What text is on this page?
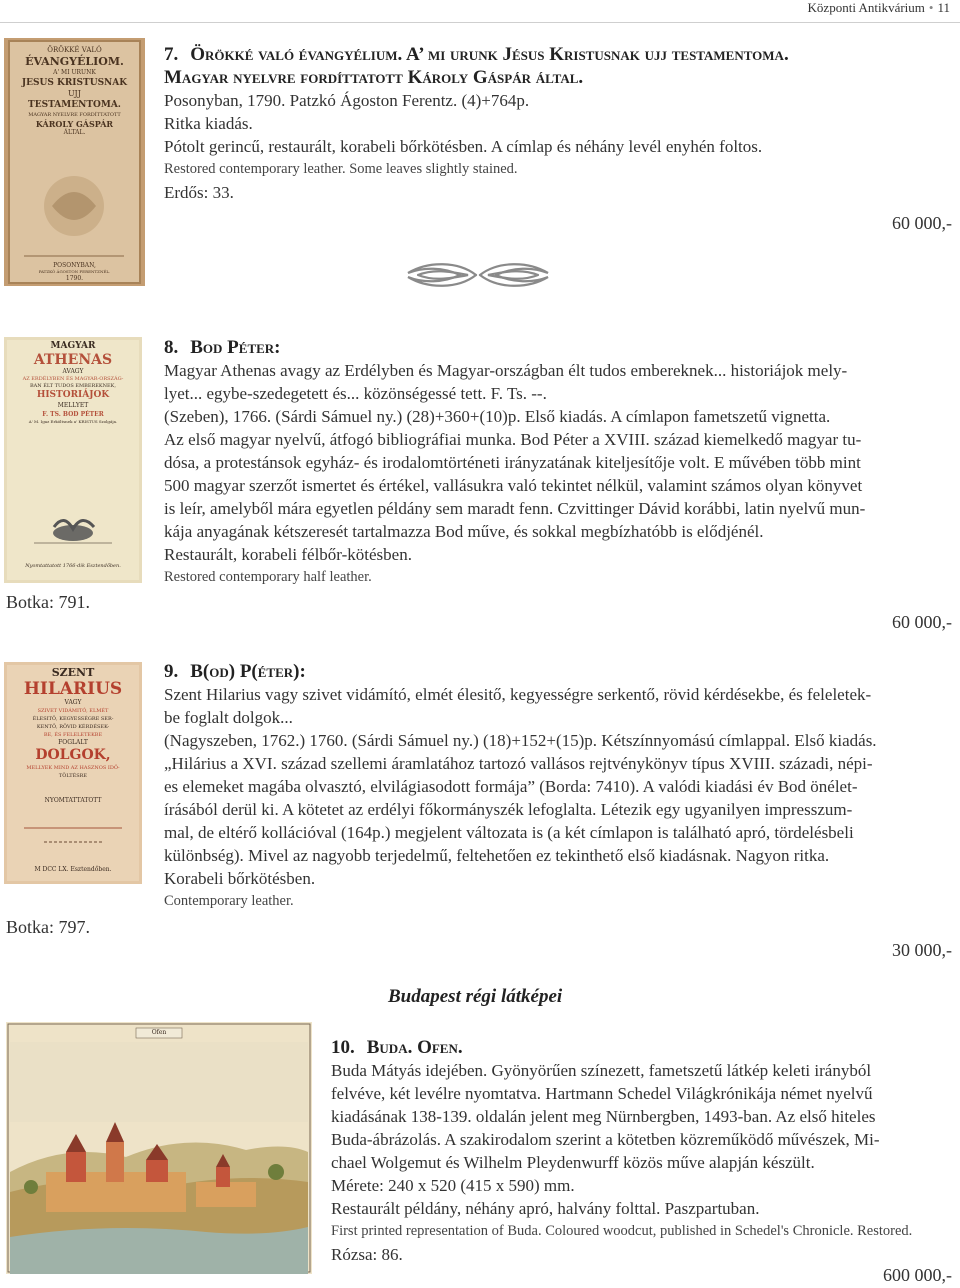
Központi Antikvárium • 11
ÖRÖKKÉ VALÓ
ÉVANGYÉLIOM.
A' MI URUNK
JESUS KRISTUSNAK
UJJ
TESTAMENTOMA.
MAGYAR NYELVRE FORDÍTTATOTT
KÁROLY GÁSPÁR
ÁLTAL.
POSONYBAN,
PATZKÓ ÁGOSTON FERENTZNÉL.
1790.
7. Örökké való évangyélium. A’ mi urunk Jésus Kristusnak ujj testamentoma.
Magyar nyelvre fordíttatott Károly Gáspár által.
Posonyban, 1790. Patzkó Ágoston Ferentz. (4)+764p.
Ritka kiadás.
Pótolt gerincű, restaurált, korabeli bőrkötésben. A címlap és néhány levél enyhén foltos.
Restored contemporary leather. Some leaves slightly stained.
Erdős: 33.
60 000,-
MAGYAR
ATHENAS
AVAGY
AZ ERDÉLYBEN ÉS MAGYAR-ORSZÁG-
BAN ÉLT TUDOS EMBEREKNEK,
HISTORIÁJOK
MELLYET
F. TS. BOD PÉTER
A' M. Igaz Erköltsnek a' KRISTUS Szolgája.
Nyomtattatott 1766-dik Esztendőben.
Botka: 791.
8. Bod Péter:
Magyar Athenas avagy az Erdélyben és Magyar-országban élt tudos embereknek... historiájok mely-
lyet... egybe-szedegetett és... közönségessé tett. F. Ts. --.
(Szeben), 1766. (Sárdi Sámuel ny.) (28)+360+(10)p. Első kiadás. A címlapon fametszetű vignetta.
Az első magyar nyelvű, átfogó bibliográfiai munka. Bod Péter a XVIII. század kiemelkedő magyar tu-
dósa, a protestánsok egyház- és irodalomtörténeti irányzatának kiteljesítője volt. E művében több mint
500 magyar szerzőt ismertet és értékel, vallásukra való tekintet nélkül, valamint számos olyan könyvet
is leír, amelyből mára egyetlen példány sem maradt fenn. Czvittinger Dávid korábbi, latin nyelvű mun-
kája anyagának kétszeresét tartalmazza Bod műve, és sokkal megbízhatóbb is elődjénél.
Restaurált, korabeli félbőr-kötésben.
Restored contemporary half leather.
60 000,-
SZENT
HILARIUS
VAGY
SZIVET VIDÁMITÓ, ELMÉT
ÉLESITŐ, KEGYESSÉGRE SER-
KENTŐ, RÖVID KÉRDÉSEK-
BE, ÉS FELELETEKBE
FOGLALT
DOLGOK,
MELLYEK MIND AZ HASZNOS IDŐ-
TÖLTÉSRE
NYOMTATTATOTT
M DCC LX. Esztendőben.
Botka: 797.
9. B(od) P(éter):
Szent Hilarius vagy szivet vidámító, elmét élesitő, kegyességre serkentő, rövid kérdésekbe, és feleletek-
be foglalt dolgok...
(Nagyszeben, 1762.) 1760. (Sárdi Sámuel ny.) (18)+152+(15)p. Kétszínnyomású címlappal. Első kiadás.
„Hilárius a XVI. század szellemi áramlatához tartozó vallásos rejtvénykönyv típus XVIII. századi, népi-
es elemeket magába olvasztó, elvilágiasodott formája” (Borda: 7410). A valódi kiadási év Bod önélet-
írásából derül ki. A kötetet az erdélyi főkormányszék lefoglalta. Létezik egy ugyanilyen impresszum-
mal, de eltérő kollációval (164p.) megjelent változata is (a két címlapon is található apró, tördelésbeli
különbség). Mivel az nagyobb terjedelmű, feltehetően ez tekinthető első kiadásnak. Nagyon ritka.
Korabeli bőrkötésben.
Contemporary leather.
30 000,-
Budapest régi látképei
Ofen
10. Buda. Ofen.
Buda Mátyás idejében. Gyönyörűen színezett, fametszetű látkép keleti irányból
felvéve, két levélre nyomtatva. Hartmann Schedel Világkrónikája német nyelvű
kiadásának 138-139. oldalán jelent meg Nürnbergben, 1493-ban. Az első hiteles
Buda-ábrázolás. A szakirodalom szerint a kötetben közreműködő művészek, Mi-
chael Wolgemut és Wilhelm Pleydenwurff közös műve alapján készült.
Mérete: 240 x 520 (415 x 590) mm.
Restaurált példány, néhány apró, halvány folttal. Paszpartuban.
First printed representation of Buda. Coloured woodcut, published in Schedel's Chronicle. Restored.
Rózsa: 86.
600 000,-
